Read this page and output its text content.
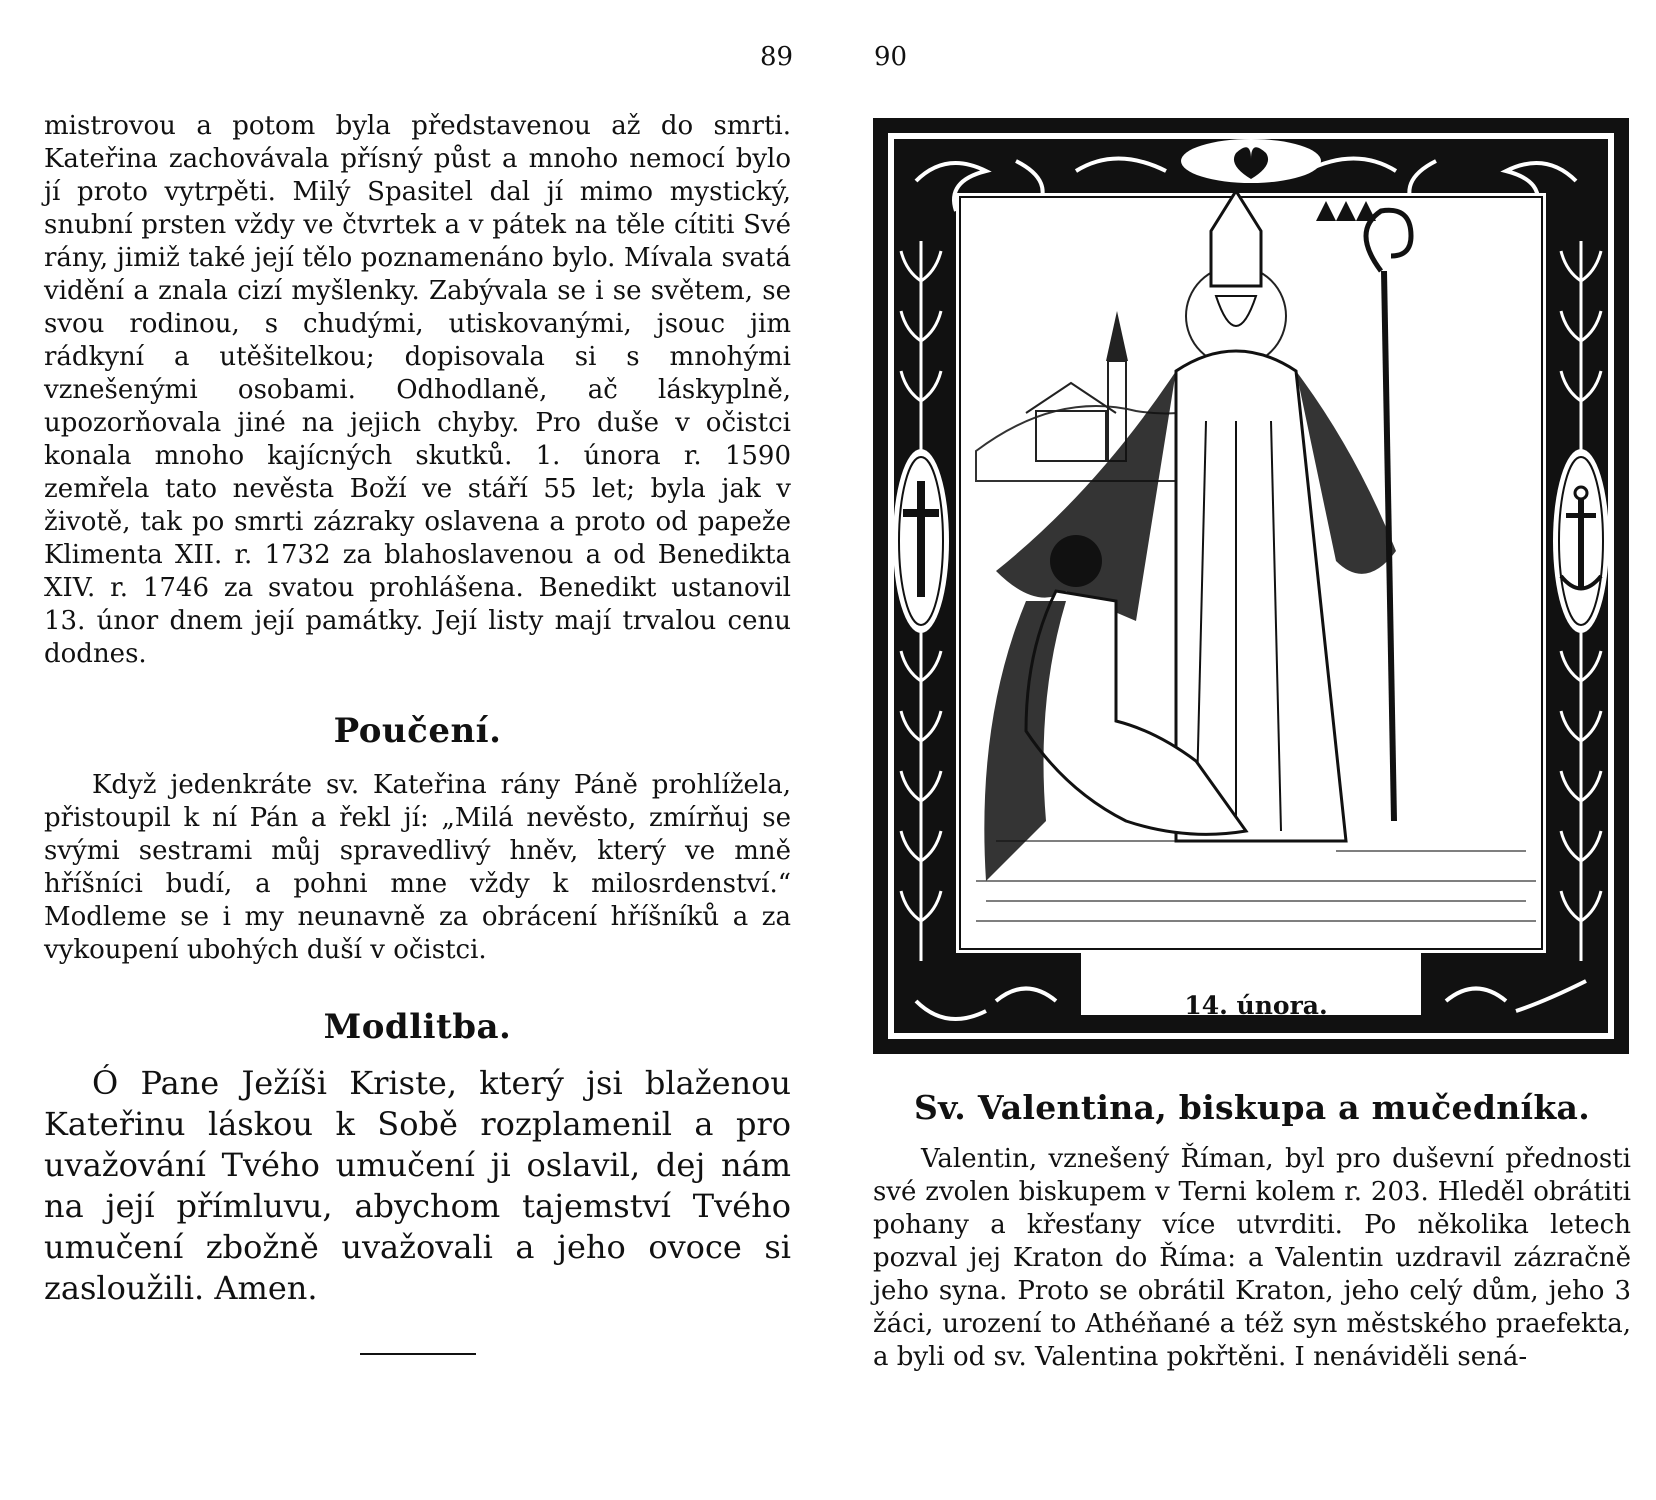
89	90

mistrovou a potom byla představenou až do smrti. Kateřina zachovávala přísný půst a mnoho nemocí bylo jí proto vytrpěti. Milý Spasitel dal jí mimo mystický, snubní prsten vždy ve čtvrtek a v pátek na těle cítiti Své rány, jimiž také její tělo poznamenáno bylo. Mívala svatá vidění a znala cizí myšlenky. Zabývala se i se světem, se svou rodinou, s chudými, utiskovanými, jsouc jim rádkyní a utěšitelkou; dopisovala si s mnohými vznešenými osobami. Odhodlaně, ač láskyplně, upozorňovala jiné na jejich chyby. Pro duše v očistci konala mnoho kajícných skutků. 1. února r. 1590 zemřela tato nevěsta Boží ve stáří 55 let; byla jak v životě, tak po smrti zázraky oslavena a proto od papeže Klimenta XII. r. 1732 za blahoslavenou a od Benedikta XIV. r. 1746 za svatou prohlášena. Benedikt ustanovil 13. únor dnem její památky. Její listy mají trvalou cenu dodnes.

Poučení.

Když jedenkráte sv. Kateřina rány Páně prohlížela, přistoupil k ní Pán a řekl jí: „Milá nevěsto, zmírňuj se svými sestrami můj spravedlivý hněv, který ve mně hříšníci budí, a pohni mne vždy k milosrdenství.“ Modleme se i my neunavně za obrácení hříšníků a za vykoupení ubohých duší v očistci.

Modlitba.

Ó Pane Ježíši Kriste, který jsi blaženou Kateřinu láskou k Sobě rozplamenil a pro uvažování Tvého umučení ji oslavil, dej nám na její přímluvu, abychom tajemství Tvého umučení zbožně uvažovali a jeho ovoce si zasloužili. Amen.

14. února.
Sv. Valentina, biskupa a mučedníka.

Valentin, vznešený Říman, byl pro duševní přednosti své zvolen biskupem v Terni kolem r. 203. Hleděl obrátiti pohany a křesťany více utvrditi. Po několika letech pozval jej Kraton do Říma: a Valentin uzdravil zázračně jeho syna. Proto se obrátil Kraton, jeho celý dům, jeho 3 žáci, urození to Athéňané a též syn městského praefekta, a byli od sv. Valentina pokřtěni. I nenáviděli sená-
